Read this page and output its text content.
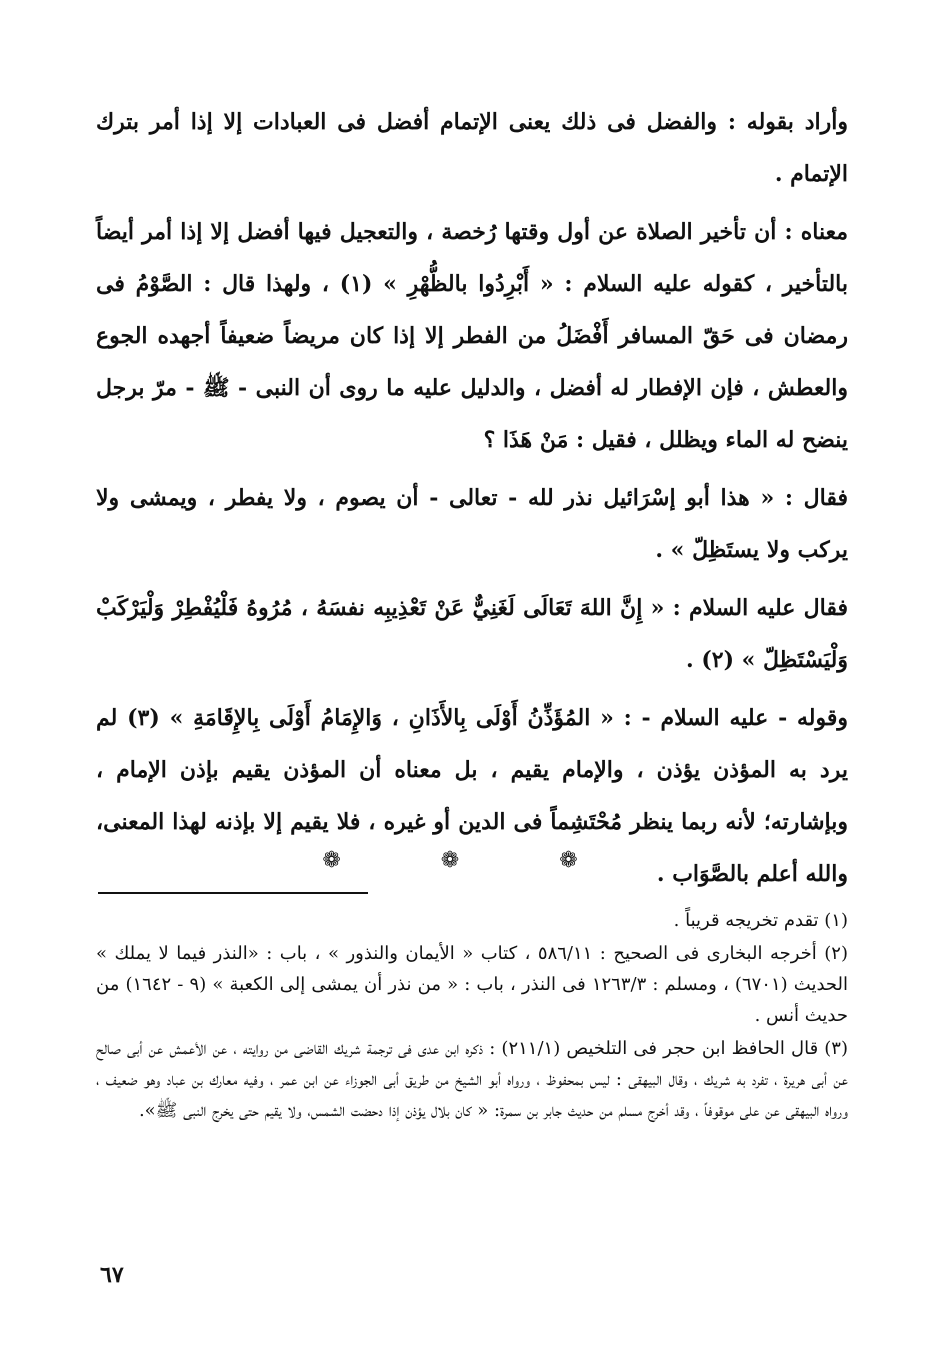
وأراد بقوله : والفضل فى ذلك يعنى الإتمام أفضل فى العبادات إلا إذا أمر بترك الإتمام .

معناه : أن تأخير الصلاة عن أول وقتها رُخصة ، والتعجيل فيها أفضل إلا إذا أمر أيضاً بالتأخير ، كقوله عليه السلام : « أَبْرِدُوا بالظُّهْرِ » (١) ، ولهذا قال : الصَّوْمُ فى رمضان فى حَقّ المسافر أَفْضَلُ من الفطر إلا إذا كان مريضاً ضعيفاً أجهده الجوع والعطش ، فإن الإفطار له أفضل ، والدليل عليه ما روى أن النبى - ﷺ - مرّ برجل ينضح له الماء ويظلل ، فقيل : مَنْ هَذَا ؟

فقال : « هذا أبو إسْرَائيل نذر لله - تعالى - أن يصوم ، ولا يفطر ، ويمشى ولا يركب ولا يستَظِلّ » .

فقال عليه السلام : « إِنَّ اللهَ تَعَالَى لَغَنِيٌّ عَنْ تَعْذِيبِه نفسَهُ ، مُرُوهُ فَلْيُفْطِرْ وَلْيَرْكَبْ وَلْيَسْتَظِلّ » (٢) .

وقوله - عليه السلام - : « المُؤَذِّنُ أَوْلَى بِالأَذَانِ ، وَالإِمَامُ أَوْلَى بِالإِقَامَةِ » (٣) لم يرد به المؤذن يؤذن ، والإمام يقيم ، بل معناه أن المؤذن يقيم بإذن الإمام ، وبإشارته؛ لأنه ربما ينظر مُحْتَشِماً فى الدين أو غيره ، فلا يقيم إلا بإذنه لهذا المعنى، والله أعلم بالصَّوَاب .

❁	❁	❁

(١) تقدم تخريجه قريباً .

(٢) أخرجه البخارى فى الصحيح : ٥٨٦/١١ ، كتاب « الأيمان والنذور » ، باب : «النذر فيما لا يملك » الحديث (٦٧٠١) ، ومسلم : ١٢٦٣/٣ فى النذر ، باب : « من نذر أن يمشى إلى الكعبة » (٩ - ١٦٤٢) من حديث أنس .

(٣) قال الحافظ ابن حجر فى التلخيص (٢١١/١) : ذكره ابن عدى فى ترجمة شريك القاضى من روايته ، عن الأعمش عن أبى صالح عن أبى هريرة ، تفرد به شريك ، وقال البيهقى : ليس بمحفوظ ، ورواه أبو الشيخ من طريق أبى الجوزاء عن ابن عمر ، وفيه معارك بن عباد وهو ضعيف ، ورواه البيهقى عن على موقوفاً ، وقد أخرج مسلم من حديث جابر بن سمرة: « كان بلال يؤذن إذا دحضت الشمس، ولا يقيم حتى يخرج النبى ﷺ».

٦٧
